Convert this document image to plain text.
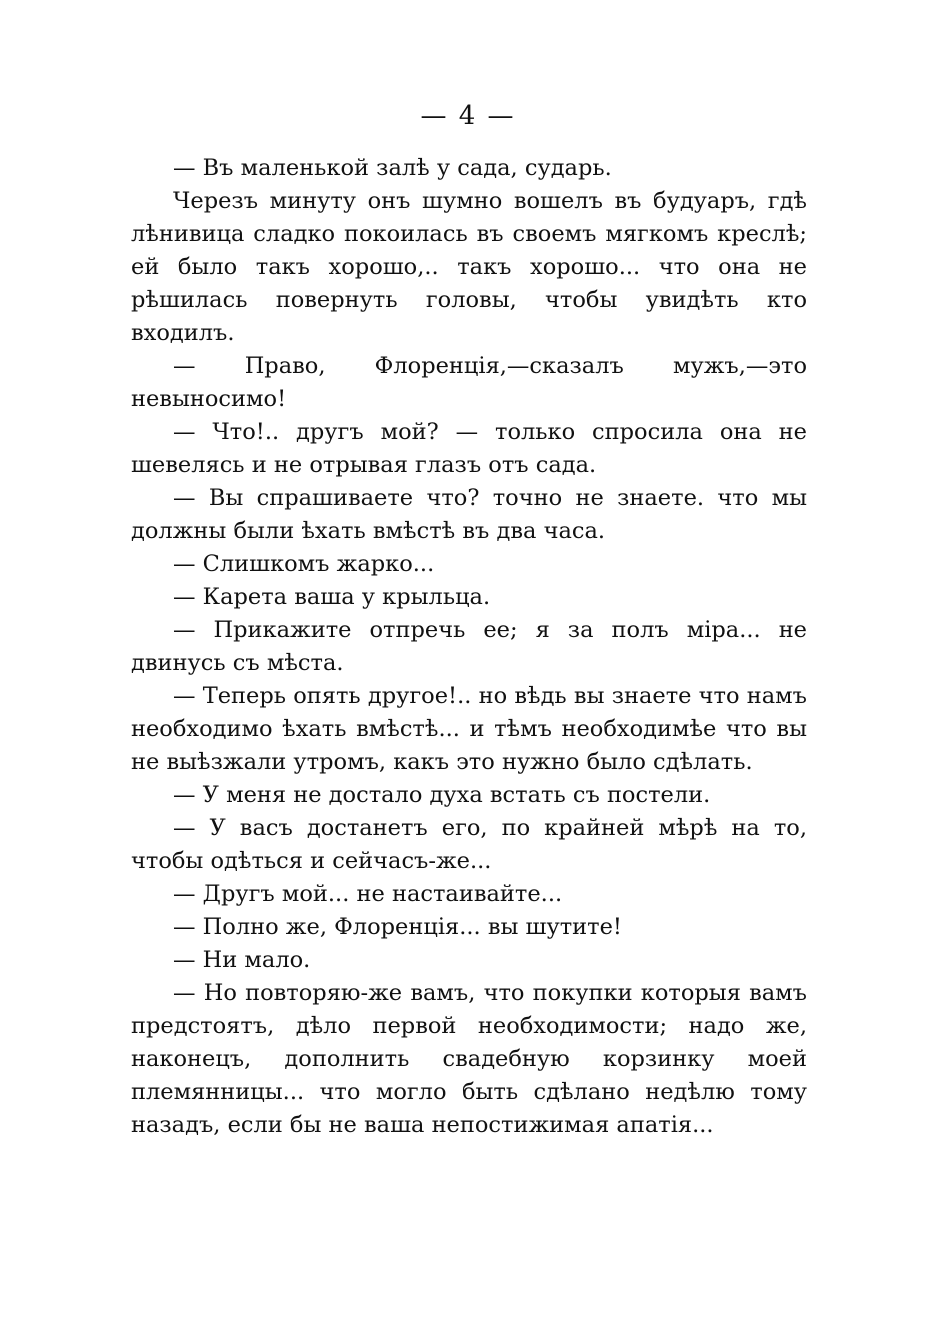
— 4 —

— Въ маленькой залѣ у сада, сударь.

Черезъ минуту онъ шумно вошелъ въ будуаръ, гдѣ лѣнивица сладко покоилась въ своемъ мягкомъ креслѣ; ей было такъ хорошо,.. такъ хорошо... что она не рѣшилась повернуть головы, чтобы увидѣть кто входилъ.

— Право, Флоренція,—сказалъ мужъ,—это невыносимо!

— Что!.. другъ мой? — только спросила она не шевелясь и не отрывая глазъ отъ сада.

— Вы спрашиваете что? точно не знаете. что мы должны были ѣхать вмѣстѣ въ два часа.

— Слишкомъ жарко...

— Карета ваша у крыльца.

— Прикажите отпречь ее; я за полъ міра... не двинусь съ мѣста.

— Теперь опять другое!.. но вѣдь вы знаете что намъ необходимо ѣхать вмѣстѣ... и тѣмъ необходимѣе что вы не выѣзжали утромъ, какъ это нужно было сдѣлать.

— У меня не достало духа встать съ постели.

— У васъ достанетъ его, по крайней мѣрѣ на то, чтобы одѣться и сейчасъ-же...

— Другъ мой... не настаивайте...

— Полно же, Флоренція... вы шутите!

— Ни мало.

— Но повторяю-же вамъ, что покупки которыя вамъ предстоятъ, дѣло первой необходимости; надо же, наконецъ, дополнить свадебную корзинку моей племянницы... что могло быть сдѣлано недѣлю тому назадъ, если бы не ваша непостижимая апатія...
